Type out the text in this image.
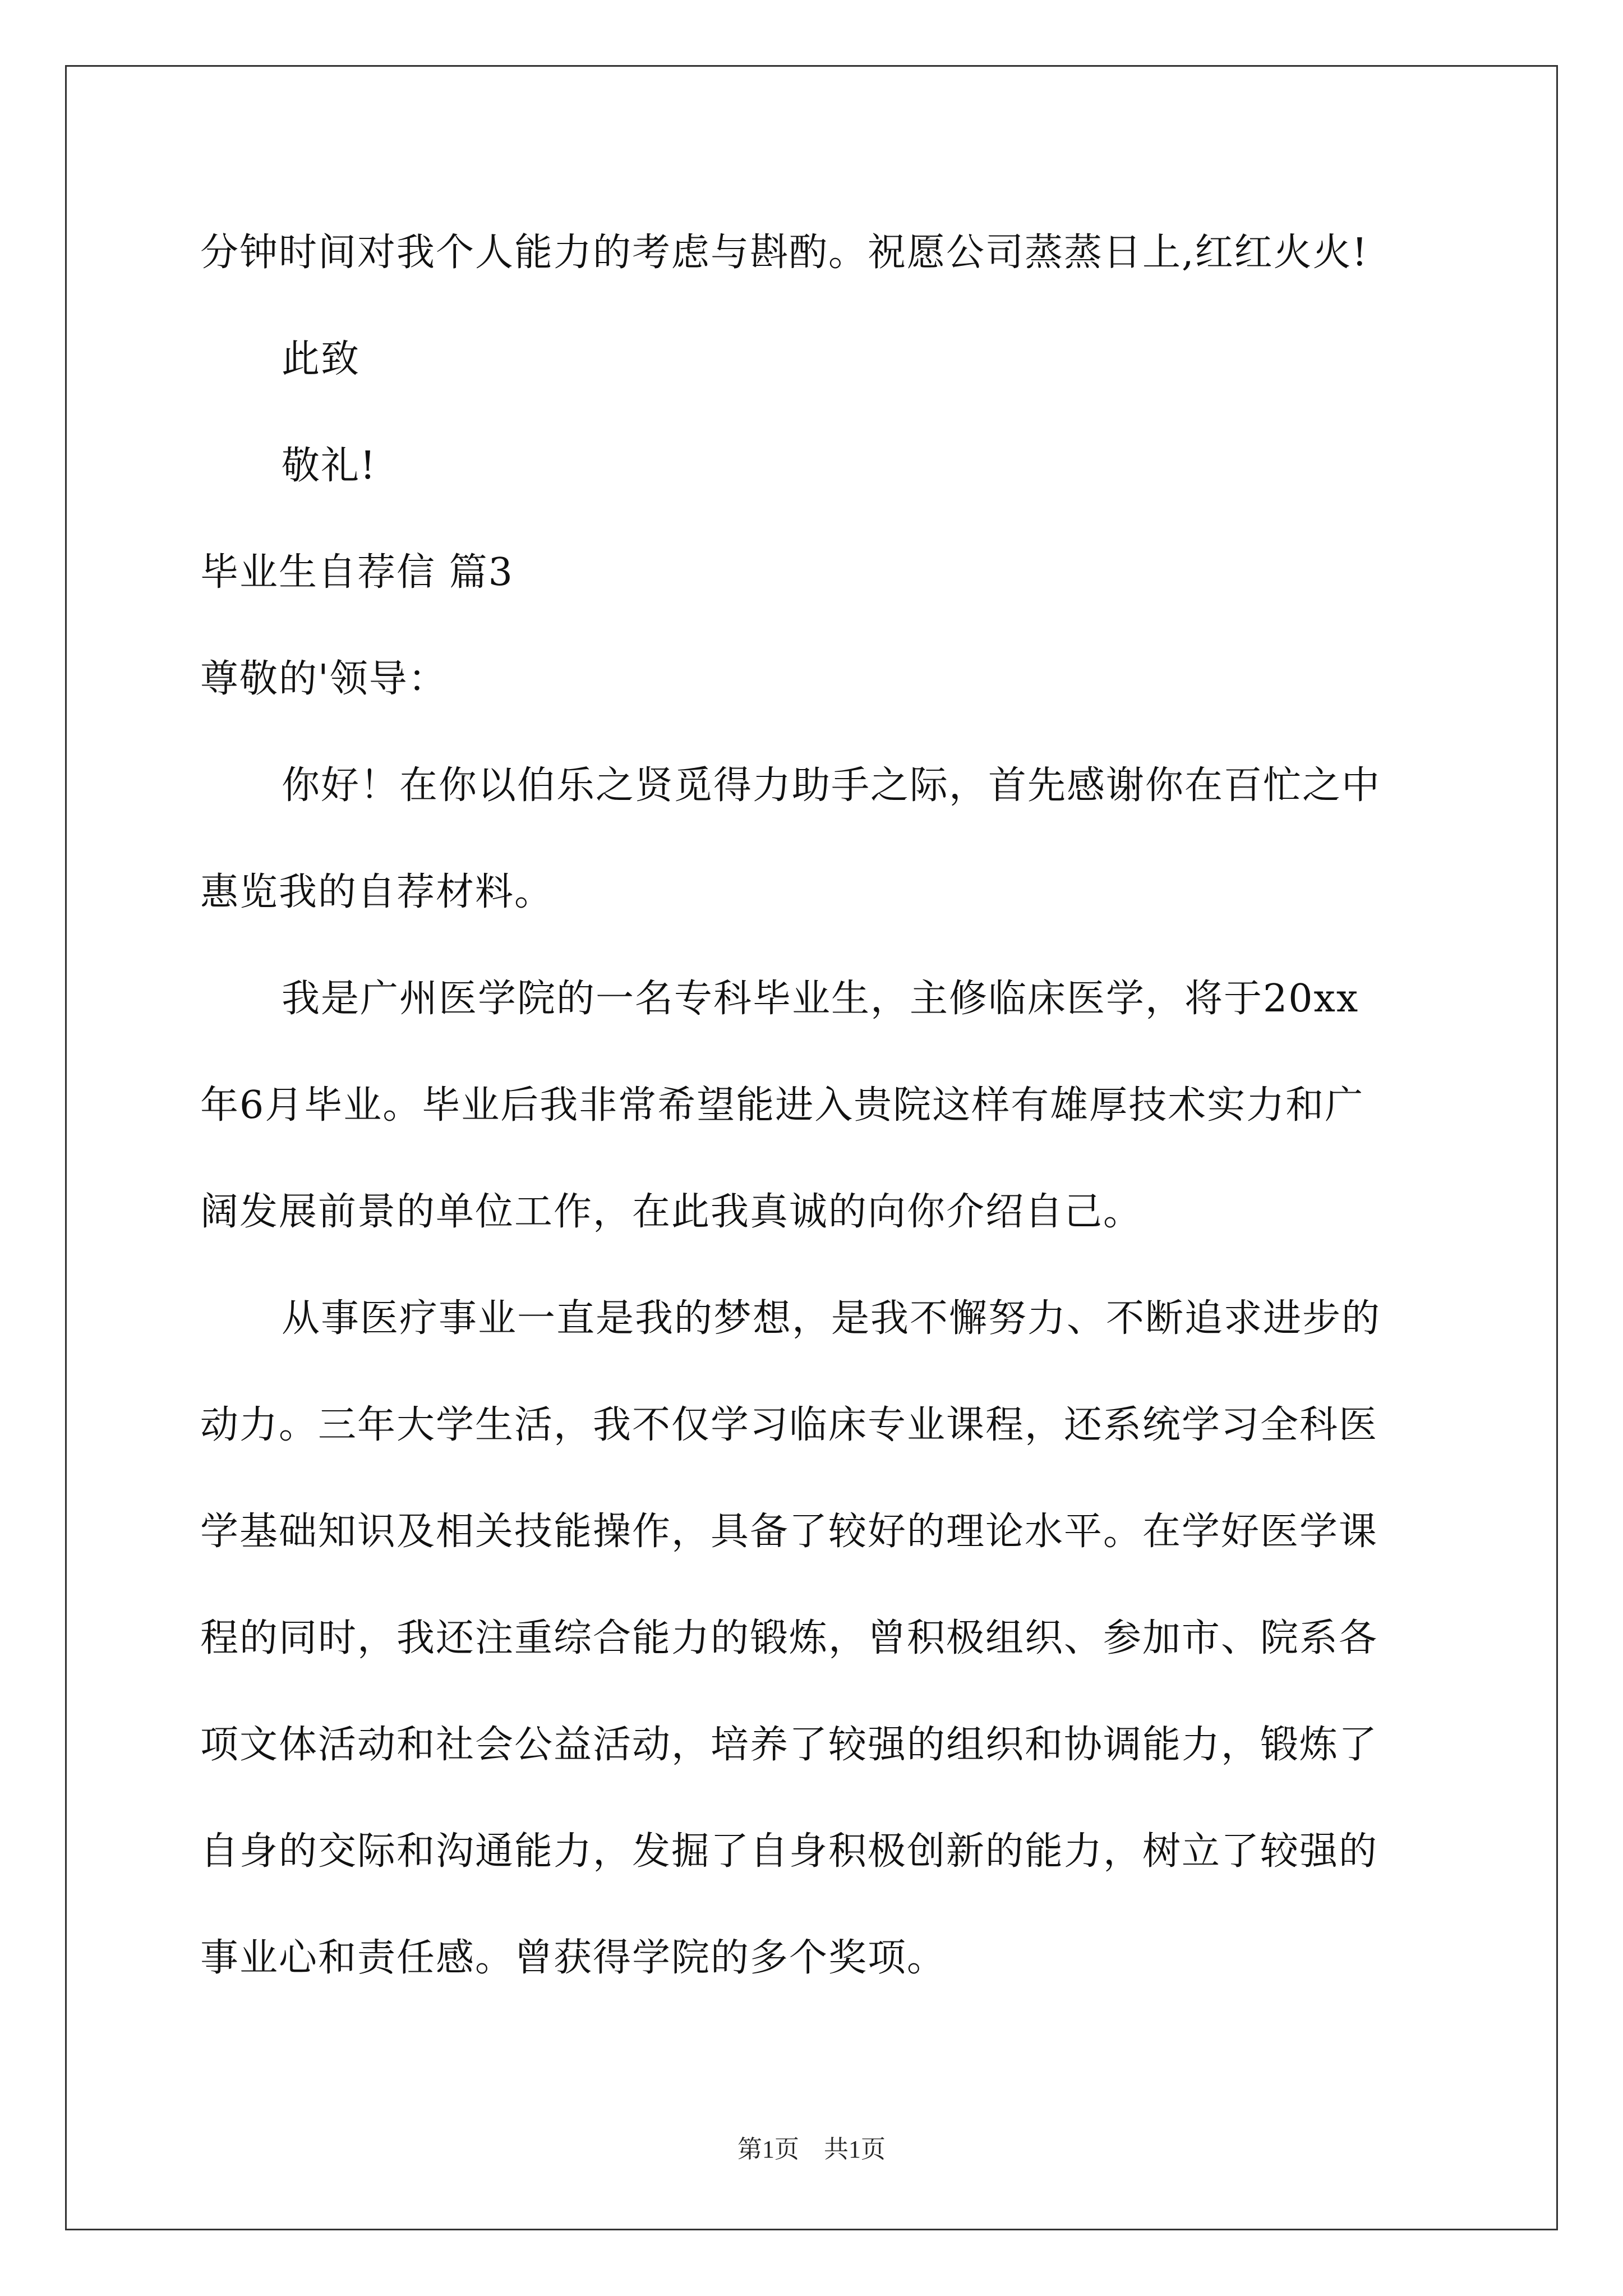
分钟时间对我个人能力的考虑与斟酌。祝愿公司蒸蒸日上,红红火火!
此致
敬礼!
毕业生自荐信 篇3
尊敬的'领导：
你好！在你以伯乐之贤觅得力助手之际，首先感谢你在百忙之中
惠览我的自荐材料。
我是广州医学院的一名专科毕业生，主修临床医学，将于20xx
年6月毕业。毕业后我非常希望能进入贵院这样有雄厚技术实力和广
阔发展前景的单位工作，在此我真诚的向你介绍自己。
从事医疗事业一直是我的梦想，是我不懈努力、不断追求进步的
动力。三年大学生活，我不仅学习临床专业课程，还系统学习全科医
学基础知识及相关技能操作，具备了较好的理论水平。在学好医学课
程的同时，我还注重综合能力的锻炼，曾积极组织、参加市、院系各
项文体活动和社会公益活动，培养了较强的组织和协调能力，锻炼了
自身的交际和沟通能力，发掘了自身积极创新的能力，树立了较强的
事业心和责任感。曾获得学院的多个奖项。
第1页　共1页
